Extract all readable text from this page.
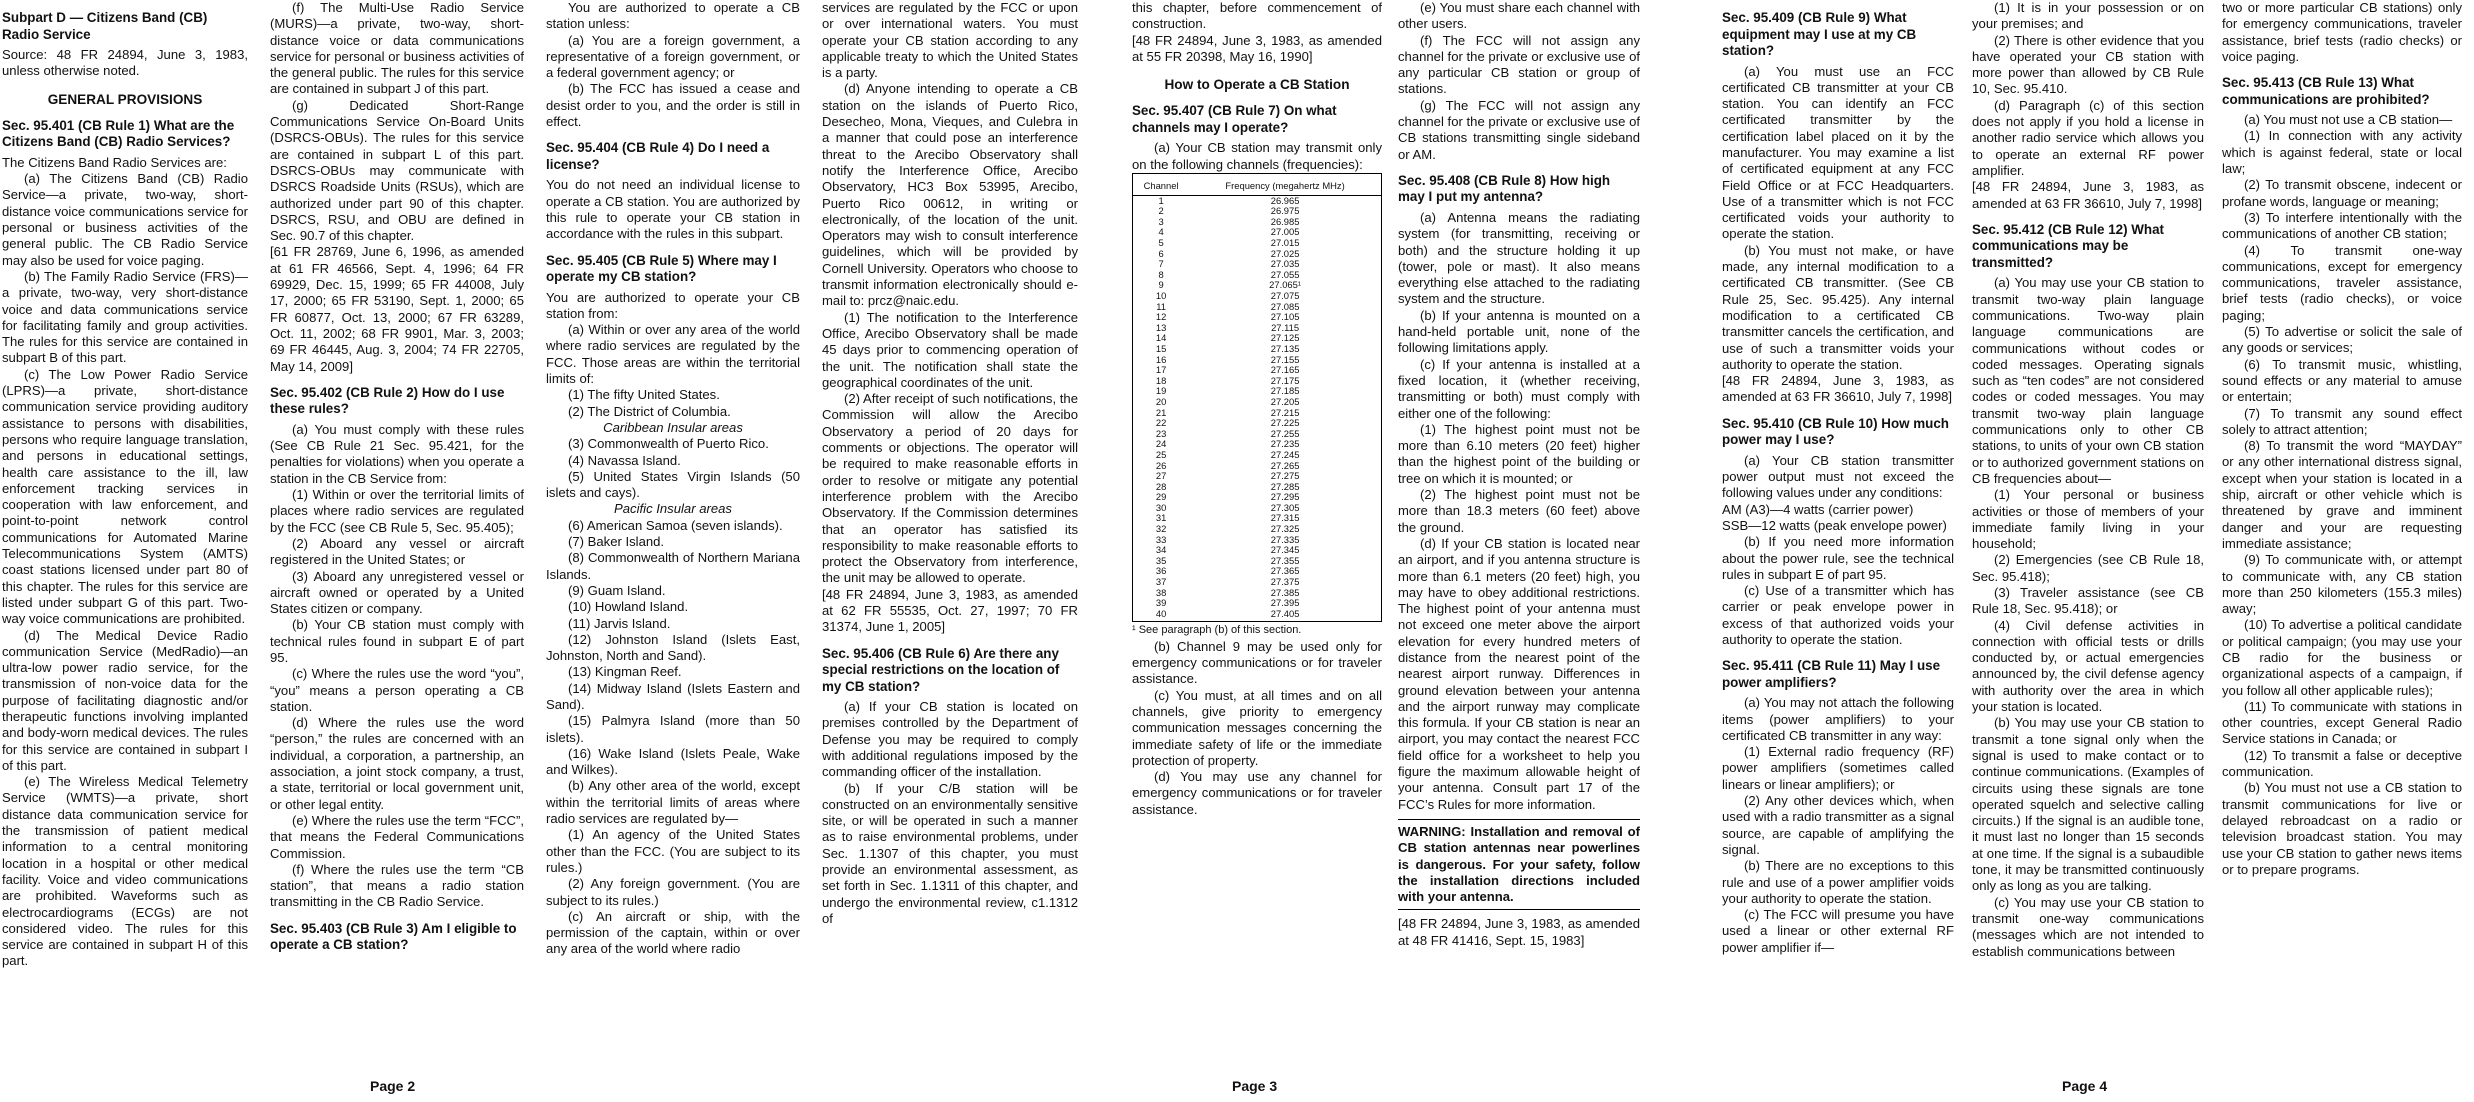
Subpart D — Citizens Band (CB) Radio Service

Source: 48 FR 24894, June 3, 1983, unless otherwise noted.

GENERAL PROVISIONS
Sec. 95.401 (CB Rule 1) What are the Citizens Band (CB) Radio Services?

The Citizens Band Radio Services are:

(a) The Citizens Band (CB) Radio Service—a private, two-way, short-distance voice communications service for personal or business activities of the general public. The CB Radio Service may also be used for voice paging.

(b) The Family Radio Service (FRS)—a private, two-way, very short-distance voice and data communications service for facilitating family and group activities. The rules for this service are contained in subpart B of this part.

(c) The Low Power Radio Service (LPRS)—a private, short-distance communication service providing auditory assistance to persons with disabilities, persons who require language translation, and persons in educational settings, health care assistance to the ill, law enforcement tracking services in cooperation with law enforcement, and point-to-point network control communications for Automated Marine Telecommunications System (AMTS) coast stations licensed under part 80 of this chapter. The rules for this service are listed under subpart G of this part. Two-way voice communications are prohibited.

(d) The Medical Device Radio communication Service (MedRadio)—an ultra-low power radio service, for the transmission of non-voice data for the purpose of facilitating diagnostic and/or therapeutic functions involving implanted and body-worn medical devices. The rules for this service are contained in subpart I of this part.

(e) The Wireless Medical Telemetry Service (WMTS)—a private, short distance data communication service for the transmission of patient medical information to a central monitoring location in a hospital or other medical facility. Voice and video communications are prohibited. Waveforms such as electrocardiograms (ECGs) are not considered video. The rules for this service are contained in subpart H of this part.

(f) The Multi-Use Radio Service (MURS)—a private, two-way, short-distance voice or data communications service for personal or business activities of the general public. The rules for this service are contained in subpart J of this part.

(g) Dedicated Short-Range Communications Service On-Board Units (DSRCS-OBUs). The rules for this service are contained in subpart L of this part. DSRCS-OBUs may communicate with DSRCS Roadside Units (RSUs), which are authorized under part 90 of this chapter. DSRCS, RSU, and OBU are defined in Sec. 90.7 of this chapter.

[61 FR 28769, June 6, 1996, as amended at 61 FR 46566, Sept. 4, 1996; 64 FR 69929, Dec. 15, 1999; 65 FR 44008, July 17, 2000; 65 FR 53190, Sept. 1, 2000; 65 FR 60877, Oct. 13, 2000; 67 FR 63289, Oct. 11, 2002; 68 FR 9901, Mar. 3, 2003; 69 FR 46445, Aug. 3, 2004; 74 FR 22705, May 14, 2009]

Sec. 95.402 (CB Rule 2) How do I use these rules?

(a) You must comply with these rules (See CB Rule 21 Sec. 95.421, for the penalties for violations) when you operate a station in the CB Service from:

(1) Within or over the territorial limits of places where radio services are regulated by the FCC (see CB Rule 5, Sec. 95.405);

(2) Aboard any vessel or aircraft registered in the United States; or

(3) Aboard any unregistered vessel or aircraft owned or operated by a United States citizen or company.

(b) Your CB station must comply with technical rules found in subpart E of part 95.

(c) Where the rules use the word “you”, “you” means a person operating a CB station.

(d) Where the rules use the word “person,” the rules are concerned with an individual, a corporation, a partnership, an association, a joint stock company, a trust, a state, territorial or local government unit, or other legal entity.

(e) Where the rules use the term “FCC”, that means the Federal Communications Commission.

(f) Where the rules use the term “CB station”, that means a radio station transmitting in the CB Radio Service.

Sec. 95.403 (CB Rule 3) Am I eligible to operate a CB station?

You are authorized to operate a CB station unless:

(a) You are a foreign government, a representative of a foreign government, or a federal government agency; or

(b) The FCC has issued a cease and desist order to you, and the order is still in effect.

Sec. 95.404 (CB Rule 4) Do I need a license?

You do not need an individual license to operate a CB station. You are authorized by this rule to operate your CB station in accordance with the rules in this subpart.

Sec. 95.405 (CB Rule 5) Where may I operate my CB station?

You are authorized to operate your CB station from:

(a) Within or over any area of the world where radio services are regulated by the FCC. Those areas are within the territorial limits of:

(1) The fifty United States.

(2) The District of Columbia.

Caribbean Insular areas

(3) Commonwealth of Puerto Rico.

(4) Navassa Island.

(5) United States Virgin Islands (50 islets and cays).

Pacific Insular areas

(6) American Samoa (seven islands).

(7) Baker Island.

(8) Commonwealth of Northern Mariana Islands.

(9) Guam Island.

(10) Howland Island.

(11) Jarvis Island.

(12) Johnston Island (Islets East, Johnston, North and Sand).

(13) Kingman Reef.

(14) Midway Island (Islets Eastern and Sand).

(15) Palmyra Island (more than 50 islets).

(16) Wake Island (Islets Peale, Wake and Wilkes).

(b) Any other area of the world, except within the territorial limits of areas where radio services are regulated by—

(1) An agency of the United States other than the FCC. (You are subject to its rules.)

(2) Any foreign government. (You are subject to its rules.)

(c) An aircraft or ship, with the permission of the captain, within or over any area of the world where radio

Page 2

services are regulated by the FCC or upon or over international waters. You must operate your CB station according to any applicable treaty to which the United States is a party.

(d) Anyone intending to operate a CB station on the islands of Puerto Rico, Desecheo, Mona, Vieques, and Culebra in a manner that could pose an interference threat to the Arecibo Observatory shall notify the Interference Office, Arecibo Observatory, HC3 Box 53995, Arecibo, Puerto Rico 00612, in writing or electronically, of the location of the unit. Operators may wish to consult interference guidelines, which will be provided by Cornell University. Operators who choose to transmit information electronically should e-mail to: prcz@naic.edu.

(1) The notification to the Interference Office, Arecibo Observatory shall be made 45 days prior to commencing operation of the unit. The notification shall state the geographical coordinates of the unit.

(2) After receipt of such notifications, the Commission will allow the Arecibo Observatory a period of 20 days for comments or objections. The operator will be required to make reasonable efforts in order to resolve or mitigate any potential interference problem with the Arecibo Observatory. If the Commission determines that an operator has satisfied its responsibility to make reasonable efforts to protect the Observatory from interference, the unit may be allowed to operate.

[48 FR 24894, June 3, 1983, as amended at 62 FR 55535, Oct. 27, 1997; 70 FR 31374, June 1, 2005]

Sec. 95.406 (CB Rule 6) Are there any special restrictions on the location of my CB station?

(a) If your CB station is located on premises controlled by the Department of Defense you may be required to comply with additional regulations imposed by the commanding officer of the installation.

(b) If your C/B station will be constructed on an environmentally sensitive site, or will be operated in such a manner as to raise environmental problems, under Sec. 1.1307 of this chapter, you must provide an environmental assessment, as set forth in Sec. 1.1311 of this chapter, and undergo the environmental review, c1.1312 of

this chapter, before commencement of construction.

[48 FR 24894, June 3, 1983, as amended at 55 FR 20398, May 16, 1990]

How to Operate a CB Station
Sec. 95.407 (CB Rule 7) On what channels may I operate?

(a) Your CB station may transmit only on the following channels (frequencies):

Channel	Frequency (megahertz MHz)
1	26.965
2	26.975
3	26.985
4	27.005
5	27.015
6	27.025
7	27.035
8	27.055
9	27.065¹
10	27.075
11	27.085
12	27.105
13	27.115
14	27.125
15	27.135
16	27.155
17	27.165
18	27.175
19	27.185
20	27.205
21	27.215
22	27.225
23	27.255
24	27.235
25	27.245
26	27.265
27	27.275
28	27.285
29	27.295
30	27.305
31	27.315
32	27.325
33	27.335
34	27.345
35	27.355
36	27.365
37	27.375
38	27.385
39	27.395
40	27.405

¹ See paragraph (b) of this section.

(b) Channel 9 may be used only for emergency communications or for traveler assistance.

(c) You must, at all times and on all channels, give priority to emergency communication messages concerning the immediate safety of life or the immediate protection of property.

(d) You may use any channel for emergency communications or for traveler assistance.

(e) You must share each channel with other users.

(f) The FCC will not assign any channel for the private or exclusive use of any particular CB station or group of stations.

(g) The FCC will not assign any channel for the private or exclusive use of CB stations transmitting single sideband or AM.

Sec. 95.408 (CB Rule 8) How high may I put my antenna?

(a) Antenna means the radiating system (for transmitting, receiving or both) and the structure holding it up (tower, pole or mast). It also means everything else attached to the radiating system and the structure.

(b) If your antenna is mounted on a hand-held portable unit, none of the following limitations apply.

(c) If your antenna is installed at a fixed location, it (whether receiving, transmitting or both) must comply with either one of the following:

(1) The highest point must not be more than 6.10 meters (20 feet) higher than the highest point of the building or tree on which it is mounted; or

(2) The highest point must not be more than 18.3 meters (60 feet) above the ground.

(d) If your CB station is located near an airport, and if you antenna structure is more than 6.1 meters (20 feet) high, you may have to obey additional restrictions. The highest point of your antenna must not exceed one meter above the airport elevation for every hundred meters of distance from the nearest point of the nearest airport runway. Differences in ground elevation between your antenna and the airport runway may complicate this formula. If your CB station is near an airport, you may contact the nearest FCC field office for a worksheet to help you figure the maximum allowable height of your antenna. Consult part 17 of the FCC’s Rules for more information.

WARNING: Installation and removal of CB station antennas near powerlines is dangerous. For your safety, follow the installation directions included with your antenna.

[48 FR 24894, June 3, 1983, as amended at 48 FR 41416, Sept. 15, 1983]

Page 3
Sec. 95.409 (CB Rule 9) What equipment may I use at my CB station?

(a) You must use an FCC certificated CB transmitter at your CB station. You can identify an FCC certificated transmitter by the certification label placed on it by the manufacturer. You may examine a list of certificated equipment at any FCC Field Office or at FCC Headquarters. Use of a transmitter which is not FCC certificated voids your authority to operate the station.

(b) You must not make, or have made, any internal modification to a certificated CB transmitter. (See CB Rule 25, Sec. 95.425). Any internal modification to a certificated CB transmitter cancels the certification, and use of such a transmitter voids your authority to operate the station.

[48 FR 24894, June 3, 1983, as amended at 63 FR 36610, July 7, 1998]

Sec. 95.410 (CB Rule 10) How much power may I use?

(a) Your CB station transmitter power output must not exceed the following values under any conditions:

AM (A3)—4 watts (carrier power)

SSB—12 watts (peak envelope power)

(b) If you need more information about the power rule, see the technical rules in subpart E of part 95.

(c) Use of a transmitter which has carrier or peak envelope power in excess of that authorized voids your authority to operate the station.

Sec. 95.411 (CB Rule 11) May I use power amplifiers?

(a) You may not attach the following items (power amplifiers) to your certificated CB transmitter in any way:

(1) External radio frequency (RF) power amplifiers (sometimes called linears or linear amplifiers); or

(2) Any other devices which, when used with a radio transmitter as a signal source, are capable of amplifying the signal.

(b) There are no exceptions to this rule and use of a power amplifier voids your authority to operate the station.

(c) The FCC will presume you have used a linear or other external RF power amplifier if—

(1) It is in your possession or on your premises; and

(2) There is other evidence that you have operated your CB station with more power than allowed by CB Rule 10, Sec. 95.410.

(d) Paragraph (c) of this section does not apply if you hold a license in another radio service which allows you to operate an external RF power amplifier.

[48 FR 24894, June 3, 1983, as amended at 63 FR 36610, July 7, 1998]

Sec. 95.412 (CB Rule 12) What communications may be transmitted?

(a) You may use your CB station to transmit two-way plain language communications. Two-way plain language communications are communications without codes or coded messages. Operating signals such as “ten codes” are not considered codes or coded messages. You may transmit two-way plain language communications only to other CB stations, to units of your own CB station or to authorized government stations on CB frequencies about—

(1) Your personal or business activities or those of members of your immediate family living in your household;

(2) Emergencies (see CB Rule 18, Sec. 95.418);

(3) Traveler assistance (see CB Rule 18, Sec. 95.418); or

(4) Civil defense activities in connection with official tests or drills conducted by, or actual emergencies announced by, the civil defense agency with authority over the area in which your station is located.

(b) You may use your CB station to transmit a tone signal only when the signal is used to make contact or to continue communications. (Examples of circuits using these signals are tone operated squelch and selective calling circuits.) If the signal is an audible tone, it must last no longer than 15 seconds at one time. If the signal is a subaudible tone, it may be transmitted continuously only as long as you are talking.

(c) You may use your CB station to transmit one-way communications (messages which are not intended to establish communications between

two or more particular CB stations) only for emergency communications, traveler assistance, brief tests (radio checks) or voice paging.

Sec. 95.413 (CB Rule 13) What communications are prohibited?

(a) You must not use a CB station—

(1) In connection with any activity which is against federal, state or local law;

(2) To transmit obscene, indecent or profane words, language or meaning;

(3) To interfere intentionally with the communications of another CB station;

(4) To transmit one-way communications, except for emergency communications, traveler assistance, brief tests (radio checks), or voice paging;

(5) To advertise or solicit the sale of any goods or services;

(6) To transmit music, whistling, sound effects or any material to amuse or entertain;

(7) To transmit any sound effect solely to attract attention;

(8) To transmit the word “MAYDAY” or any other international distress signal, except when your station is located in a ship, aircraft or other vehicle which is threatened by grave and imminent danger and your are requesting immediate assistance;

(9) To communicate with, or attempt to communicate with, any CB station more than 250 kilometers (155.3 miles) away;

(10) To advertise a political candidate or political campaign; (you may use your CB radio for the business or organizational aspects of a campaign, if you follow all other applicable rules);

(11) To communicate with stations in other countries, except General Radio Service stations in Canada; or

(12) To transmit a false or deceptive communication.

(b) You must not use a CB station to transmit communications for live or delayed rebroadcast on a radio or television broadcast station. You may use your CB station to gather news items or to prepare programs.

Page 4
